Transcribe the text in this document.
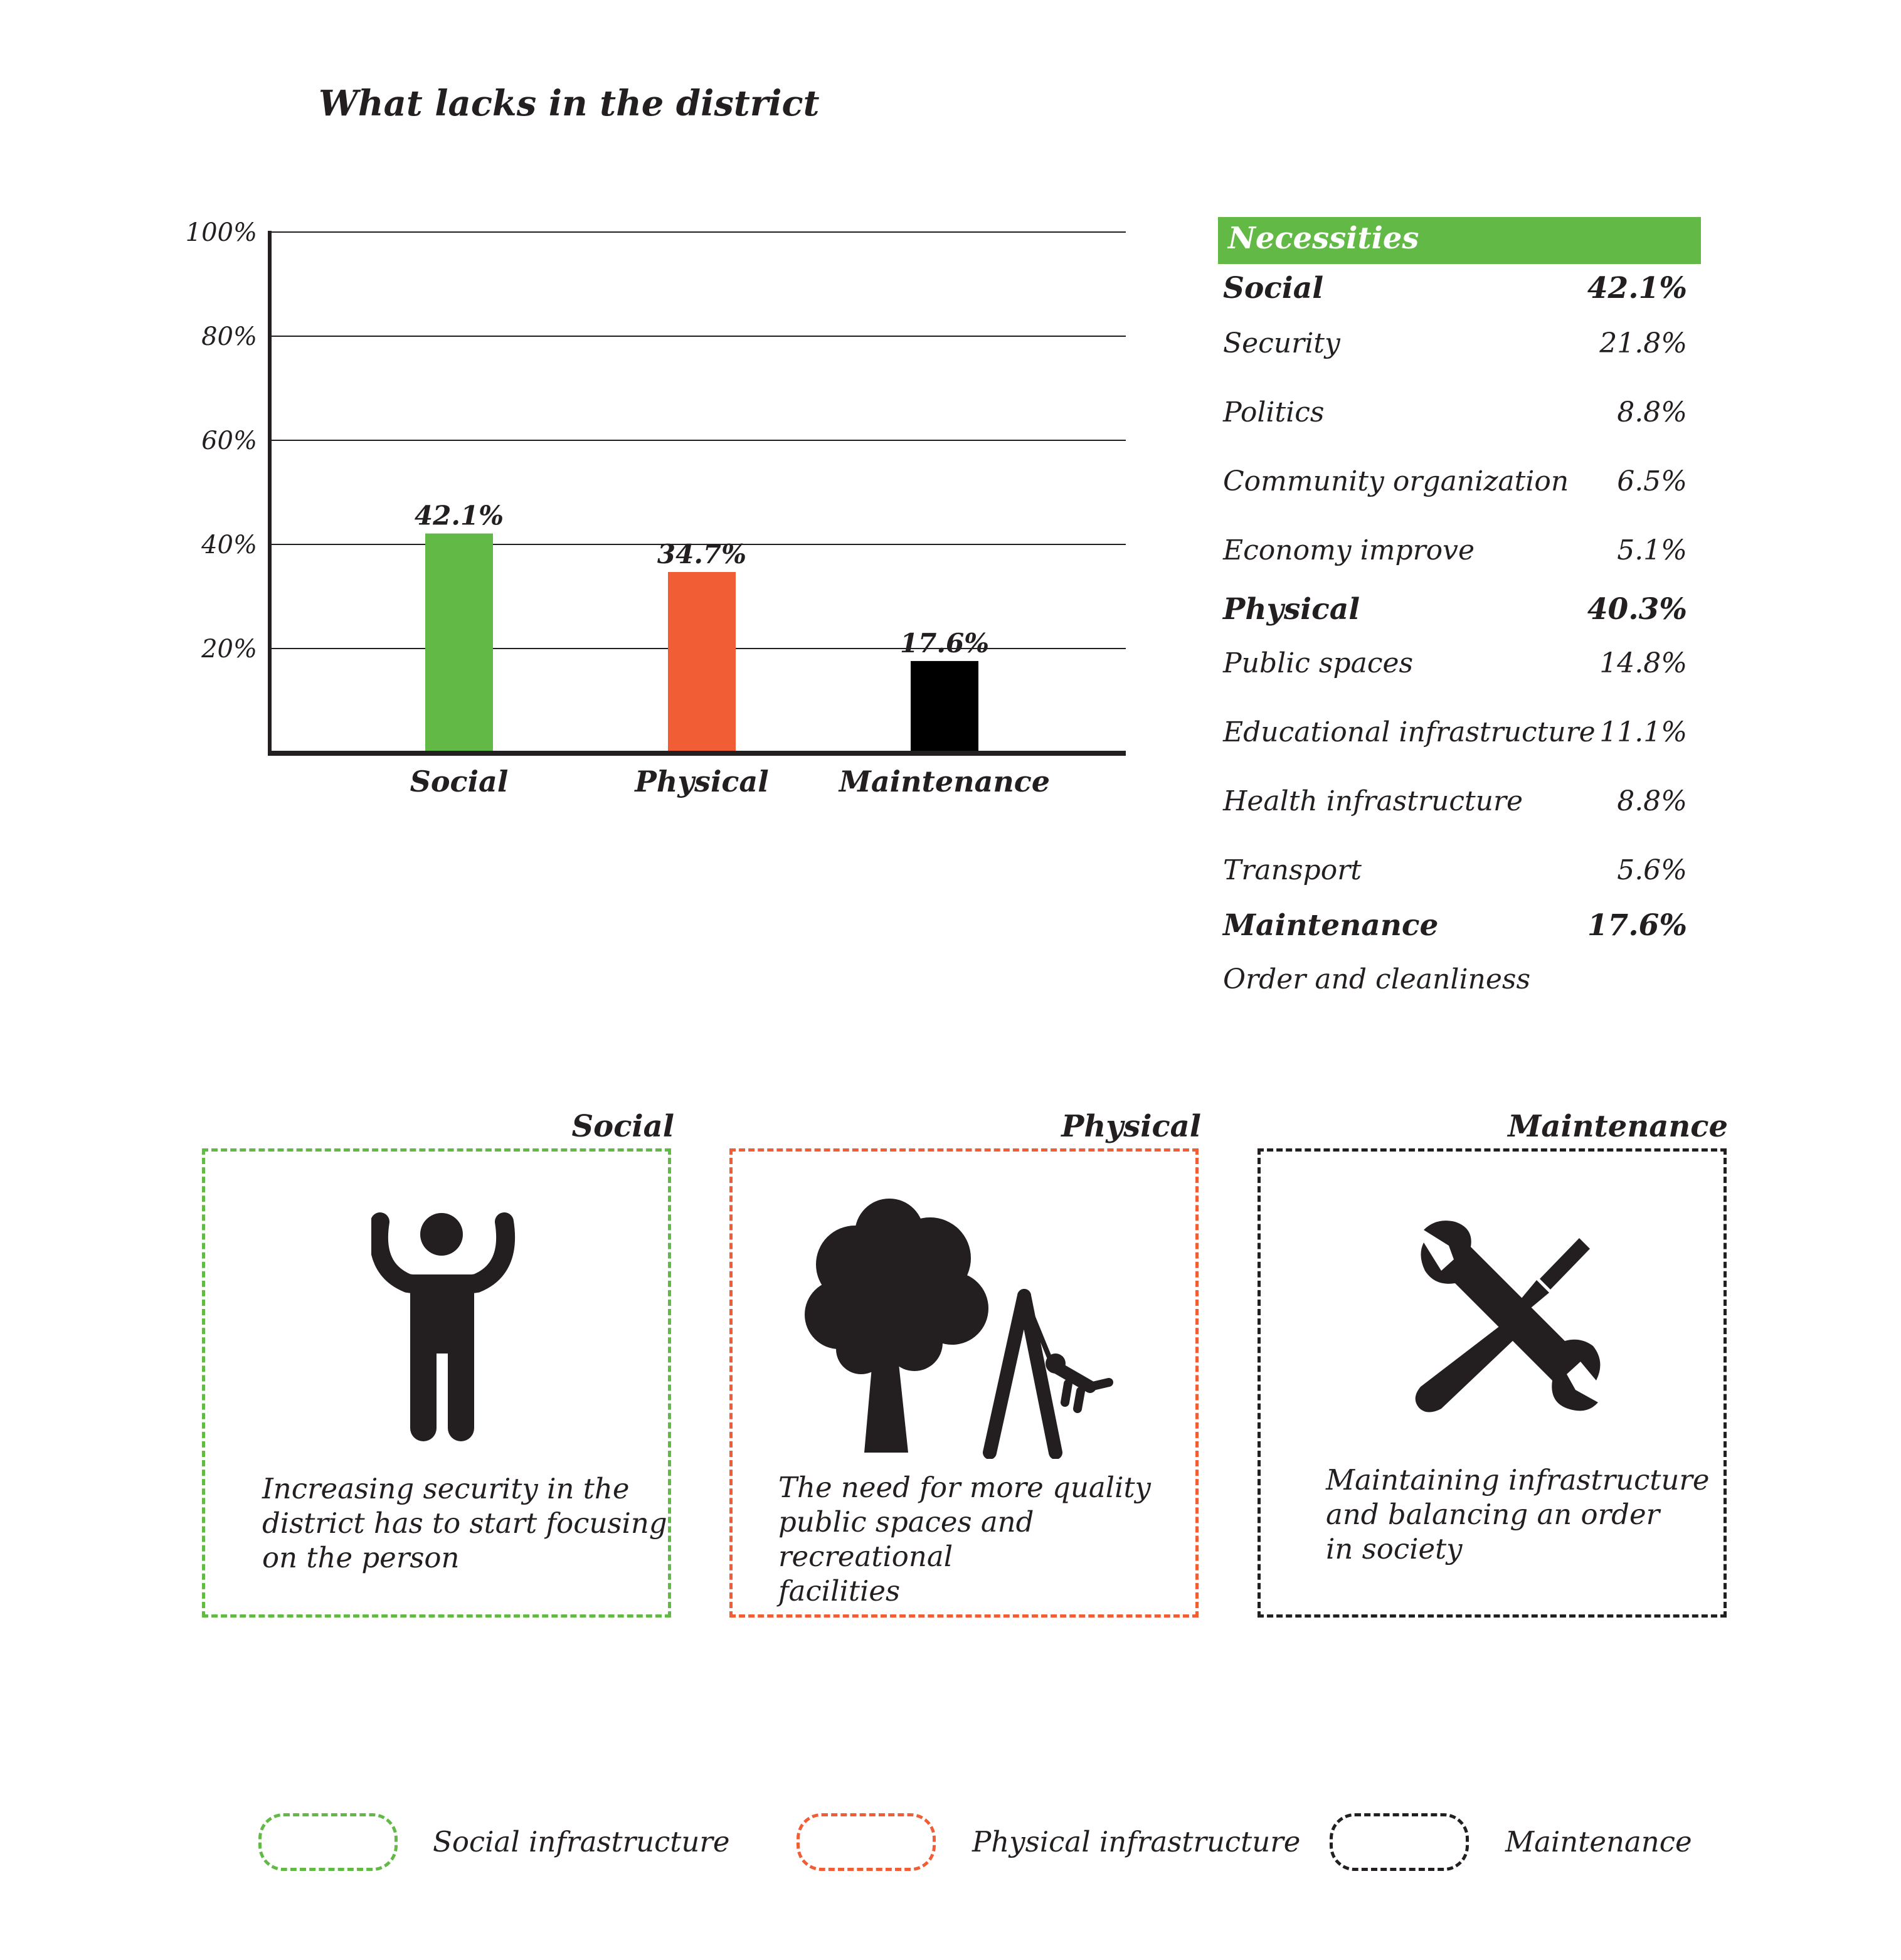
What lacks in the district
20%
40%
60%
80%
100%
42.1%
Social
34.7%
Physical
17.6%
Maintenance
Necessities
Social	42.1%
Security	21.8%
Politics	8.8%
Community organization	6.5%
Economy improve	5.1%
Physical	40.3%
Public spaces	14.8%
Educational infrastructure 11.1%
Health infrastructure	8.8%
Transport	5.6%
Maintenance	17.6%
Order and cleanliness
Social
Increasing security in the
district has to start focusing
on the person
Physical
The need for more quality
public spaces and recreational
facilities
Maintenance
Maintaining infrastructure
and balancing an order
in society
Social infrastructure	Physical infrastructure	Maintenance
